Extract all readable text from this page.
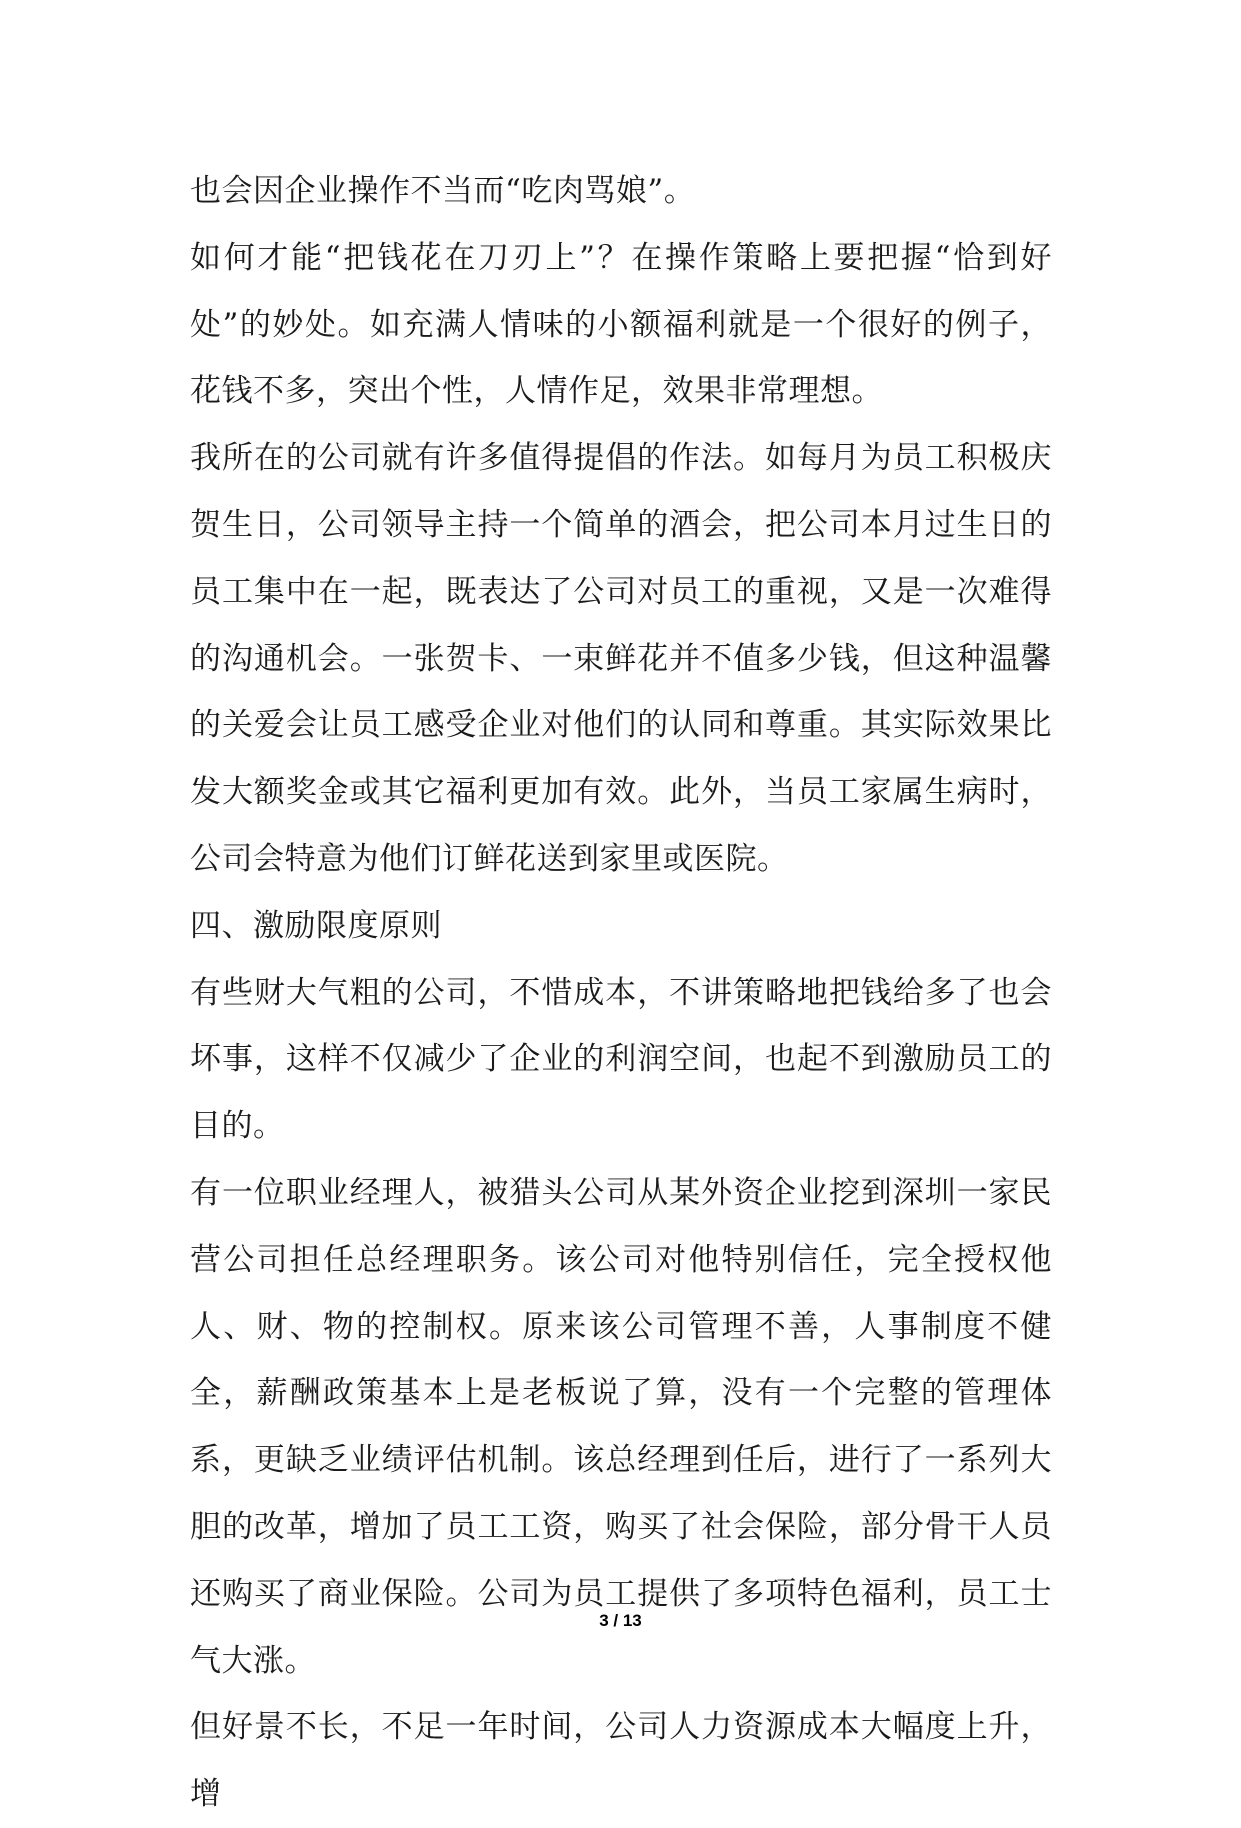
也会因企业操作不当而“吃肉骂娘”。

如何才能“把钱花在刀刃上”？在操作策略上要把握“恰到好处”的妙处。如充满人情味的小额福利就是一个很好的例子，花钱不多，突出个性，人情作足，效果非常理想。

我所在的公司就有许多值得提倡的作法。如每月为员工积极庆贺生日，公司领导主持一个简单的酒会，把公司本月过生日的员工集中在一起，既表达了公司对员工的重视，又是一次难得的沟通机会。一张贺卡、一束鲜花并不值多少钱，但这种温馨的关爱会让员工感受企业对他们的认同和尊重。其实际效果比发大额奖金或其它福利更加有效。此外，当员工家属生病时，公司会特意为他们订鲜花送到家里或医院。

四、激励限度原则

有些财大气粗的公司，不惜成本，不讲策略地把钱给多了也会坏事，这样不仅减少了企业的利润空间，也起不到激励员工的目的。

有一位职业经理人，被猎头公司从某外资企业挖到深圳一家民营公司担任总经理职务。该公司对他特别信任，完全授权他人、财、物的控制权。原来该公司管理不善，人事制度不健全，薪酬政策基本上是老板说了算，没有一个完整的管理体系，更缺乏业绩评估机制。该总经理到任后，进行了一系列大胆的改革，增加了员工工资，购买了社会保险，部分骨干人员还购买了商业保险。公司为员工提供了多项特色福利，员工士气大涨。

但好景不长，不足一年时间，公司人力资源成本大幅度上升，增

3 / 13
